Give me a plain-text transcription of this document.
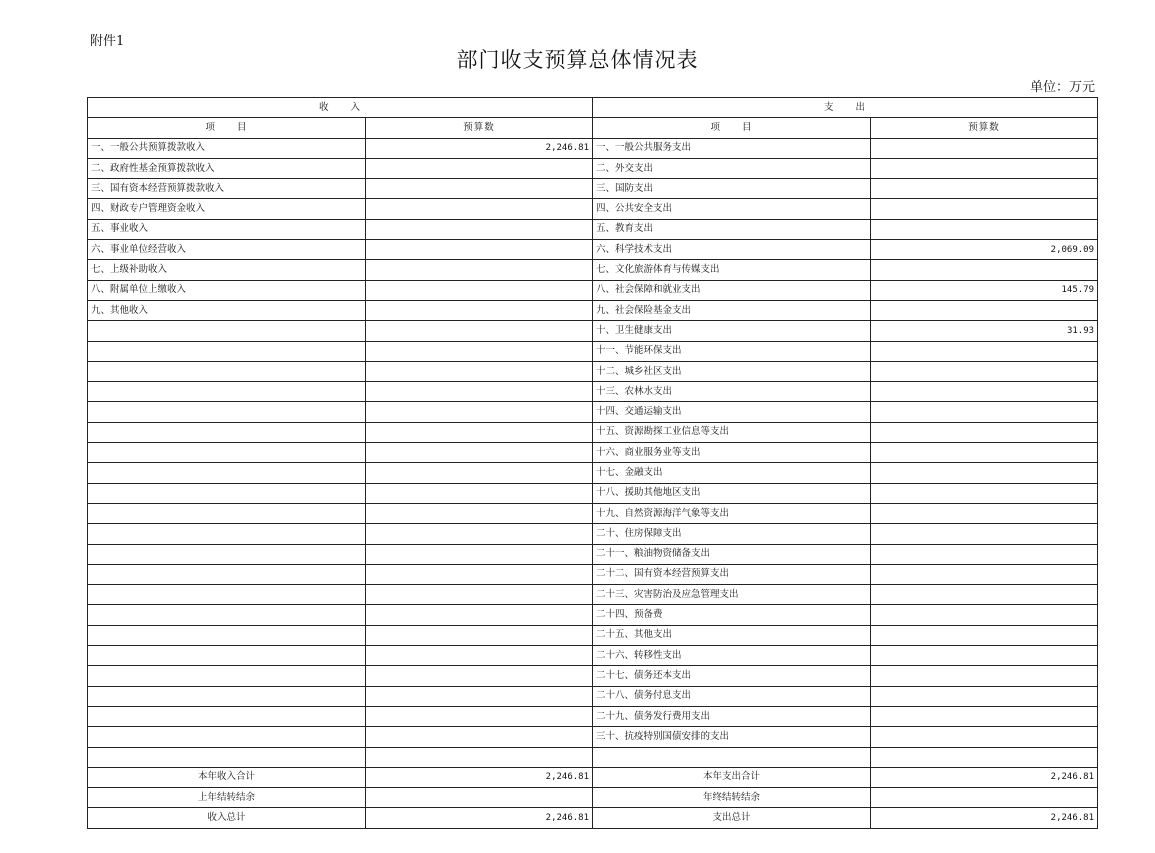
附件1
部门收支预算总体情况表
单位：万元
收　　入		支　　出	
项　　目	预算数	项　　目	预算数
一、一般公共预算拨款收入	2,246.81	一、一般公共服务支出	
二、政府性基金预算拨款收入		二、外交支出	
三、国有资本经营预算拨款收入		三、国防支出	
四、财政专户管理资金收入		四、公共安全支出	
五、事业收入		五、教育支出	
六、事业单位经营收入		六、科学技术支出	2,069.09
七、上级补助收入		七、文化旅游体育与传媒支出	
八、附属单位上缴收入		八、社会保障和就业支出	145.79
九、其他收入		九、社会保险基金支出	
		十、卫生健康支出	31.93
		十一、节能环保支出	
		十二、城乡社区支出	
		十三、农林水支出	
		十四、交通运输支出	
		十五、资源勘探工业信息等支出	
		十六、商业服务业等支出	
		十七、金融支出	
		十八、援助其他地区支出	
		十九、自然资源海洋气象等支出	
		二十、住房保障支出	
		二十一、粮油物资储备支出	
		二十二、国有资本经营预算支出	
		二十三、灾害防治及应急管理支出	
		二十四、预备费	
		二十五、其他支出	
		二十六、转移性支出	
		二十七、债务还本支出	
		二十八、债务付息支出	
		二十九、债务发行费用支出	
		三十、抗疫特别国债安排的支出	

本年收入合计	2,246.81	本年支出合计	2,246.81
上年结转结余		年终结转结余	
收入总计	2,246.81	支出总计	2,246.81
